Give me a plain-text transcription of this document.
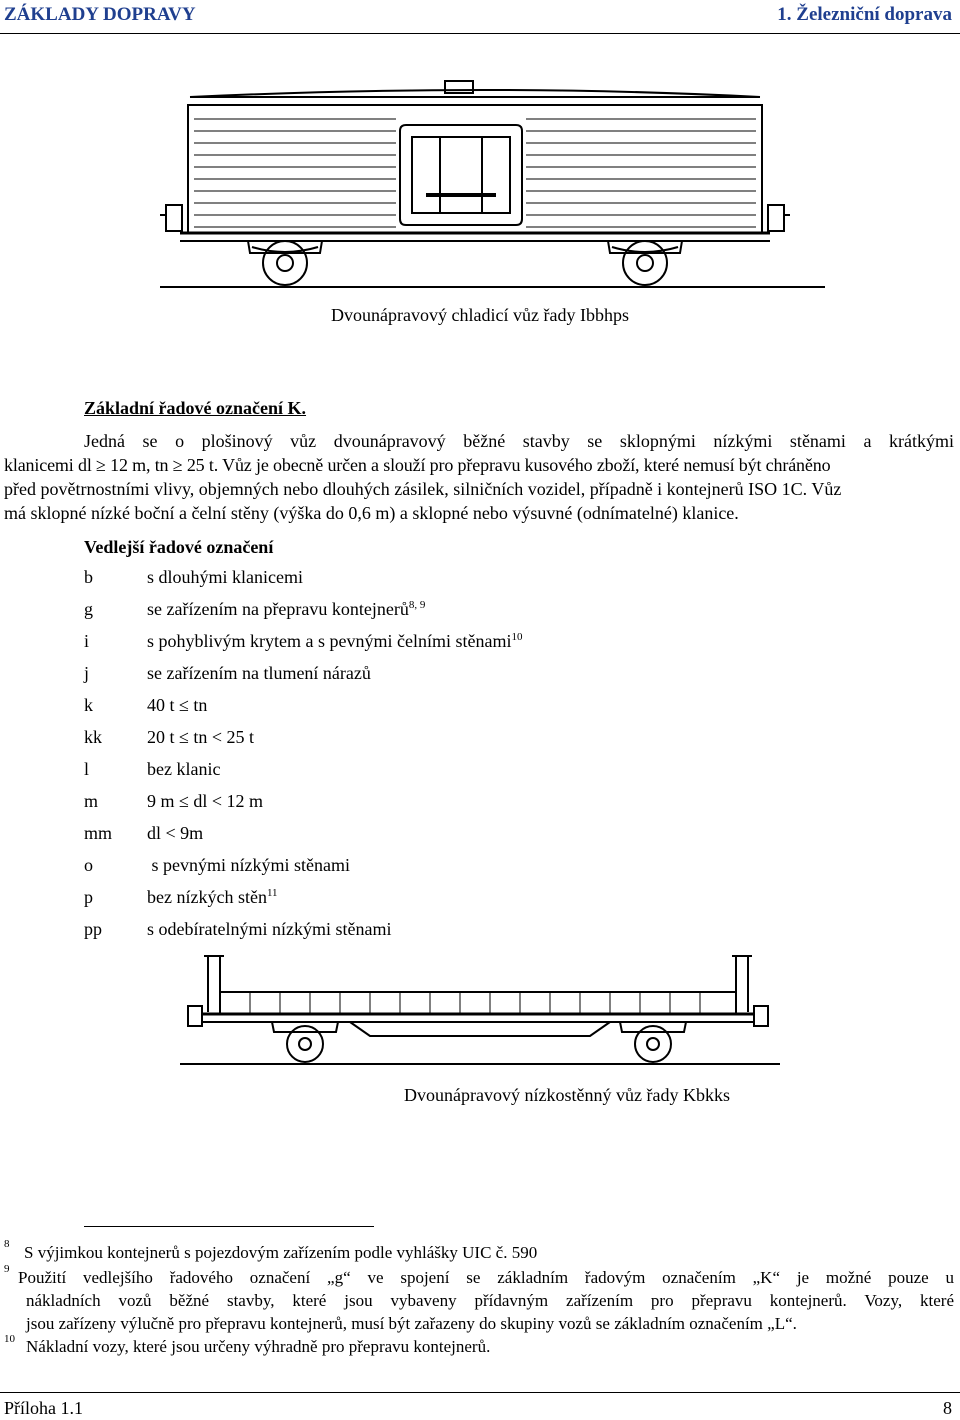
ZÁKLADY DOPRAVY	1. Železniční doprava
Dvounápravový chladicí vůz řady Ibbhps
Základní řadové označení K.
Jedná se o plošinový vůz dvounápravový běžné stavby se sklopnými nízkými stěnami a krátkými
klanicemi dl ≥ 12 m, tn ≥ 25 t. Vůz je obecně určen a slouží pro přepravu kusového zboží, které nemusí být chráněno
před povětrnostními vlivy, objemných nebo dlouhých zásilek, silničních vozidel, případně i kontejnerů ISO 1C. Vůz
má sklopné nízké boční a čelní stěny (výška do 0,6 m) a sklopné nebo výsuvné (odnímatelné) klanice.
Vedlejší řadové označení
b	s dlouhými klanicemi
g	se zařízením na přepravu kontejnerů$^{8, 9}$
i	s pohyblivým krytem a s pevnými čelními stěnami$^{10}$
j	se zařízením na tlumení nárazů
k	40 t ≤ tn
kk	20 t ≤ tn < 25 t
l	bez klanic
m	9 m ≤ dl < 12 m
mm dl < 9m
o	s pevnými nízkými stěnami
p	bez nízkých stěn$^{11}$
pp	s odebíratelnými nízkými stěnami
Dvounápravový nízkostěnný vůz řady Kbkks
8 S výjimkou kontejnerů s pojezdovým zařízením podle vyhlášky UIC č. 590
9 Použití vedlejšího řadového označení „g“ ve spojení se základním řadovým označením „K“ je možné pouze u
nákladních vozů běžné stavby, které jsou vybaveny přídavným zařízením pro přepravu kontejnerů. Vozy, které
jsou zařízeny výlučně pro přepravu kontejnerů, musí být zařazeny do skupiny vozů se základním označením „L“.
10 Nákladní vozy, které jsou určeny výhradně pro přepravu kontejnerů.
Příloha 1.1	8
